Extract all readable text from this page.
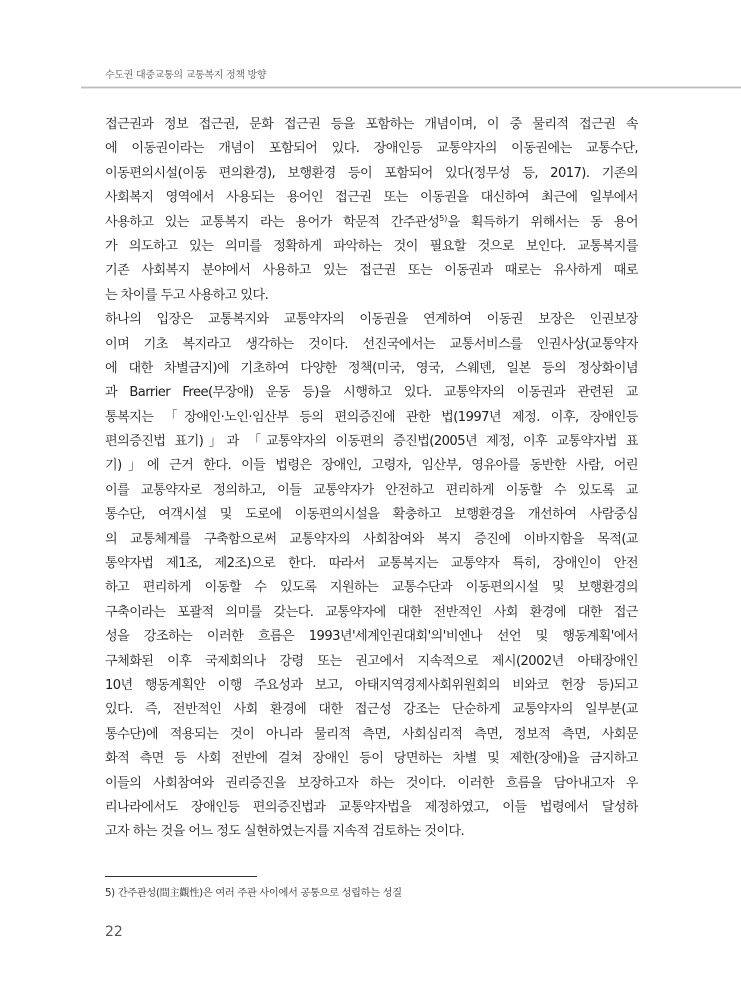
수도권 대중교통의 교통복지 정책 방향
접근권과 정보 접근권, 문화 접근권 등을 포함하는 개념이며, 이 중 물리적 접근권 속
에 이동권이라는 개념이 포함되어 있다. 장애인등 교통약자의 이동권에는 교통수단,
이동편의시설(이동 편의환경), 보행환경 등이 포함되어 있다(정무성 등, 2017). 기존의
사회복지 영역에서 사용되는 용어인 접근권 또는 이동권을 대신하여 최근에 일부에서
사용하고 있는 교통복지 라는 용어가 학문적 간주관성$^{5)}$을 획득하기 위해서는 동 용어
가 의도하고 있는 의미를 정확하게 파악하는 것이 필요할 것으로 보인다. 교통복지를
기존 사회복지 분야에서 사용하고 있는 접근권 또는 이동권과 때로는 유사하게 때로
는 차이를 두고 사용하고 있다.
하나의 입장은 교통복지와 교통약자의 이동권을 연계하여 이동권 보장은 인권보장
이며 기초 복지라고 생각하는 것이다. 선진국에서는 교통서비스를 인권사상(교통약자
에 대한 차별금지)에 기초하여 다양한 정책(미국, 영국, 스웨덴, 일본 등의 정상화이념
과 Barrier Free(무장애) 운동 등)을 시행하고 있다. 교통약자의 이동권과 관련된 교
통복지는 「장애인·노인·임산부 등의 편의증진에 관한 법(1997년 제정. 이후, 장애인등
편의증진법 표기)」과 「교통약자의 이동편의 증진법(2005년 제정, 이후 교통약자법 표
기)」에 근거 한다. 이들 법령은 장애인, 고령자, 임산부, 영유아를 동반한 사람, 어린
이를 교통약자로 정의하고, 이들 교통약자가 안전하고 편리하게 이동할 수 있도록 교
통수단, 여객시설 및 도로에 이동편의시설을 확충하고 보행환경을 개선하여 사람중심
의 교통체계를 구축함으로써 교통약자의 사회참여와 복지 증진에 이바지함을 목적(교
통약자법 제1조, 제2조)으로 한다. 따라서 교통복지는 교통약자 특히, 장애인이 안전
하고 편리하게 이동할 수 있도록 지원하는 교통수단과 이동편의시설 및 보행환경의
구축이라는 포괄적 의미를 갖는다. 교통약자에 대한 전반적인 사회 환경에 대한 접근
성을 강조하는 이러한 흐름은 1993년'세계인권대회'의'비엔나 선언 및 행동계획'에서
구체화된 이후 국제회의나 강령 또는 권고에서 지속적으로 제시(2002년 아태장애인
10년 행동계획안 이행 주요성과 보고, 아태지역경제사회위원회의 비와코 헌장 등)되고
있다. 즉, 전반적인 사회 환경에 대한 접근성 강조는 단순하게 교통약자의 일부분(교
통수단)에 적용되는 것이 아니라 물리적 측면, 사회심리적 측면, 정보적 측면, 사회문
화적 측면 등 사회 전반에 걸쳐 장애인 등이 당면하는 차별 및 제한(장애)을 금지하고
이들의 사회참여와 권리증진을 보장하고자 하는 것이다. 이러한 흐름을 담아내고자 우
리나라에서도 장애인등 편의증진법과 교통약자법을 제정하였고, 이들 법령에서 달성하
고자 하는 것을 어느 정도 실현하였는지를 지속적 검토하는 것이다.
5) 간주관성(間主觀性)은 여러 주관 사이에서 공통으로 성립하는 성질
22
